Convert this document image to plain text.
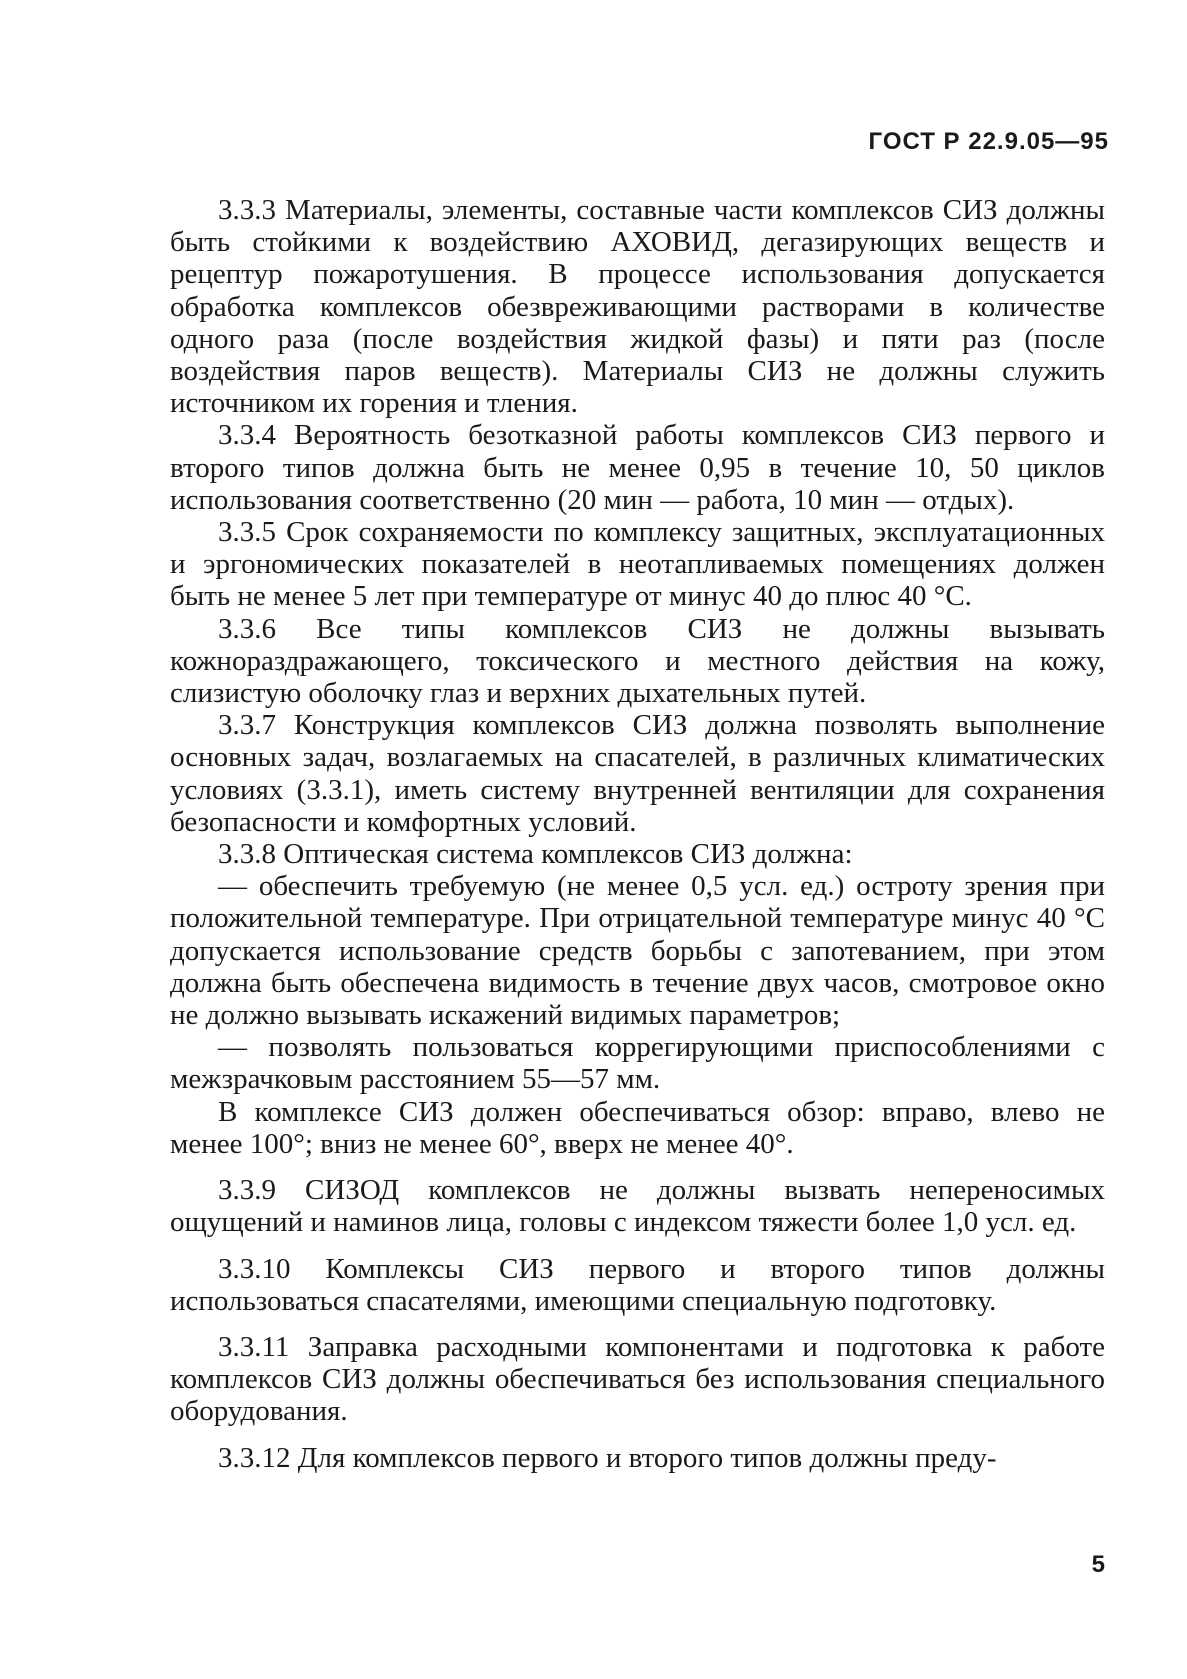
ГОСТ Р 22.9.05—95

3.3.3 Материалы, элементы, составные части комплексов СИЗ должны быть стойкими к воздействию АХОВИД, дегазирующих веществ и рецептур пожаротушения. В процессе использования допускается обработка комплексов обезвреживающими растворами в количестве одного раза (после воздействия жидкой фазы) и пяти раз (после воздействия паров веществ). Материалы СИЗ не должны служить источником их горения и тления.

3.3.4 Вероятность безотказной работы комплексов СИЗ первого и второго типов должна быть не менее 0,95 в течение 10, 50 циклов использования соответственно (20 мин — работа, 10 мин — отдых).

3.3.5 Срок сохраняемости по комплексу защитных, эксплуатационных и эргономических показателей в неотапливаемых помещениях должен быть не менее 5 лет при температуре от минус 40 до плюс 40 °С.

3.3.6 Все типы комплексов СИЗ не должны вызывать кожнораздражающего, токсического и местного действия на кожу, слизистую оболочку глаз и верхних дыхательных путей.

3.3.7 Конструкция комплексов СИЗ должна позволять выполнение основных задач, возлагаемых на спасателей, в различных климатических условиях (3.3.1), иметь систему внутренней вентиляции для сохранения безопасности и комфортных условий.

3.3.8 Оптическая система комплексов СИЗ должна:

— обеспечить требуемую (не менее 0,5 усл. ед.) остроту зрения при положительной температуре. При отрицательной температуре минус 40 °С допускается использование средств борьбы с запотеванием, при этом должна быть обеспечена видимость в течение двух часов, смотровое окно не должно вызывать искажений видимых параметров;

— позволять пользоваться коррегирующими приспособлениями с межзрачковым расстоянием 55—57 мм.

В комплексе СИЗ должен обеспечиваться обзор: вправо, влево не менее 100°; вниз не менее 60°, вверх не менее 40°.

3.3.9 СИЗОД комплексов не должны вызвать непереносимых ощущений и наминов лица, головы с индексом тяжести более 1,0 усл. ед.

3.3.10 Комплексы СИЗ первого и второго типов должны использоваться спасателями, имеющими специальную подготовку.

3.3.11 Заправка расходными компонентами и подготовка к работе комплексов СИЗ должны обеспечиваться без использования специального оборудования.

3.3.12 Для комплексов первого и второго типов должны преду-

5
